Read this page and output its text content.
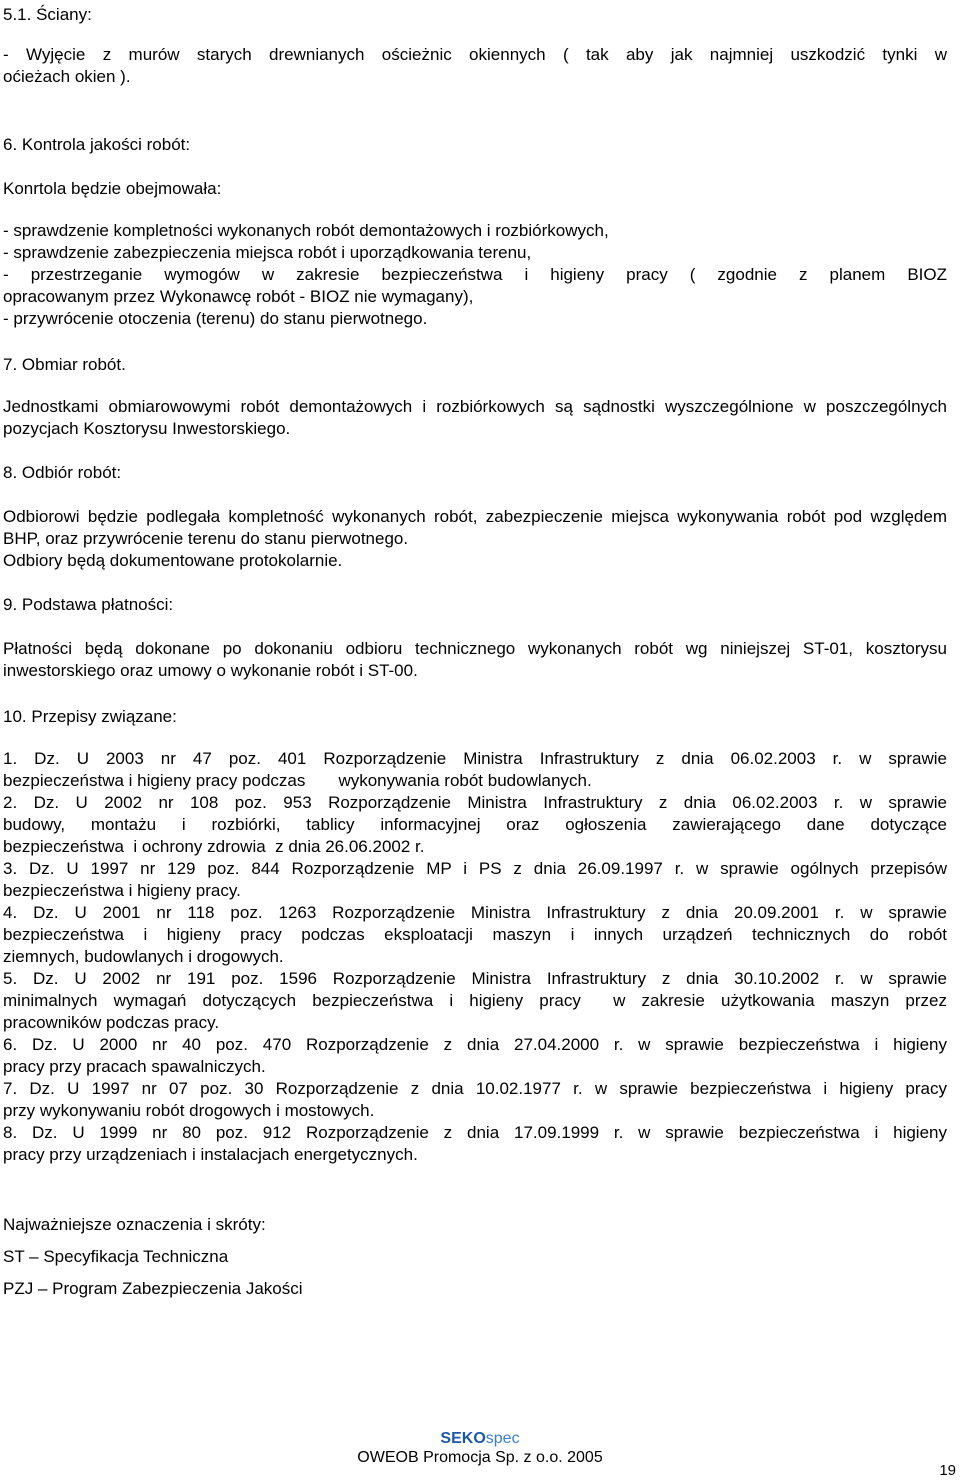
5.1. Ściany:
- Wyjęcie z murów starych drewnianych ościeżnic okiennych ( tak aby jak najmniej uszkodzić tynki w
oćieżach okien ).
6. Kontrola jakości robót:
Konrtola będzie obejmowała:
- sprawdzenie kompletności wykonanych robót demontażowych i rozbiórkowych,
- sprawdzenie zabezpieczenia miejsca robót i uporządkowania terenu,
- przestrzeganie wymogów w zakresie bezpieczeństwa i higieny pracy ( zgodnie z planem BIOZ
opracowanym przez Wykonawcę robót - BIOZ nie wymagany),
- przywrócenie otoczenia (terenu) do stanu pierwotnego.
7. Obmiar robót.
Jednostkami obmiarowowymi robót demontażowych i rozbiórkowych są sądnostki wyszczególnione w poszczególnych pozycjach Kosztorysu Inwestorskiego.
8. Odbiór robót:
Odbiorowi będzie podlegała kompletność wykonanych robót, zabezpieczenie miejsca wykonywania robót pod względem BHP, oraz przywrócenie terenu do stanu pierwotnego.
Odbiory będą dokumentowane protokolarnie.
9. Podstawa płatności:
Płatności będą dokonane po dokonaniu odbioru technicznego wykonanych robót wg niniejszej ST-01, kosztorysu inwestorskiego oraz umowy o wykonanie robót i ST-00.
10. Przepisy związane:
1. Dz. U 2003 nr 47 poz. 401 Rozporządzenie Ministra Infrastruktury z dnia 06.02.2003 r. w sprawie
bezpieczeństwa i higieny pracy podczas       wykonywania robót budowlanych.
2. Dz. U 2002 nr 108 poz. 953 Rozporządzenie Ministra Infrastruktury z dnia 06.02.2003 r. w sprawie
budowy, montażu i rozbiórki, tablicy informacyjnej oraz ogłoszenia zawierającego dane dotyczące
bezpieczeństwa  i ochrony zdrowia  z dnia 26.06.2002 r.
3. Dz. U 1997 nr 129 poz. 844 Rozporządzenie MP i PS z dnia 26.09.1997 r. w sprawie ogólnych przepisów
bezpieczeństwa i higieny pracy.
4. Dz. U 2001 nr 118 poz. 1263 Rozporządzenie Ministra Infrastruktury z dnia 20.09.2001 r. w sprawie
bezpieczeństwa i higieny pracy podczas eksploatacji maszyn i innych urządzeń technicznych do robót
ziemnych, budowlanych i drogowych.
5. Dz. U 2002 nr 191 poz. 1596 Rozporządzenie Ministra Infrastruktury z dnia 30.10.2002 r. w sprawie
minimalnych wymagań dotyczących bezpieczeństwa i higieny pracy  w zakresie użytkowania maszyn przez
pracowników podczas pracy.
6. Dz. U 2000 nr 40 poz. 470 Rozporządzenie z dnia 27.04.2000 r. w sprawie bezpieczeństwa i higieny
pracy przy pracach spawalniczych.
7. Dz. U 1997 nr 07 poz. 30 Rozporządzenie z dnia 10.02.1977 r. w sprawie bezpieczeństwa i higieny pracy
przy wykonywaniu robót drogowych i mostowych.
8. Dz. U 1999 nr 80 poz. 912 Rozporządzenie z dnia 17.09.1999 r. w sprawie bezpieczeństwa i higieny
pracy przy urządzeniach i instalacjach energetycznych.
Najważniejsze oznaczenia i skróty:
ST – Specyfikacja Techniczna
PZJ – Program Zabezpieczenia Jakości
SEKOspec
OWEOB Promocja Sp. z o.o. 2005
19
